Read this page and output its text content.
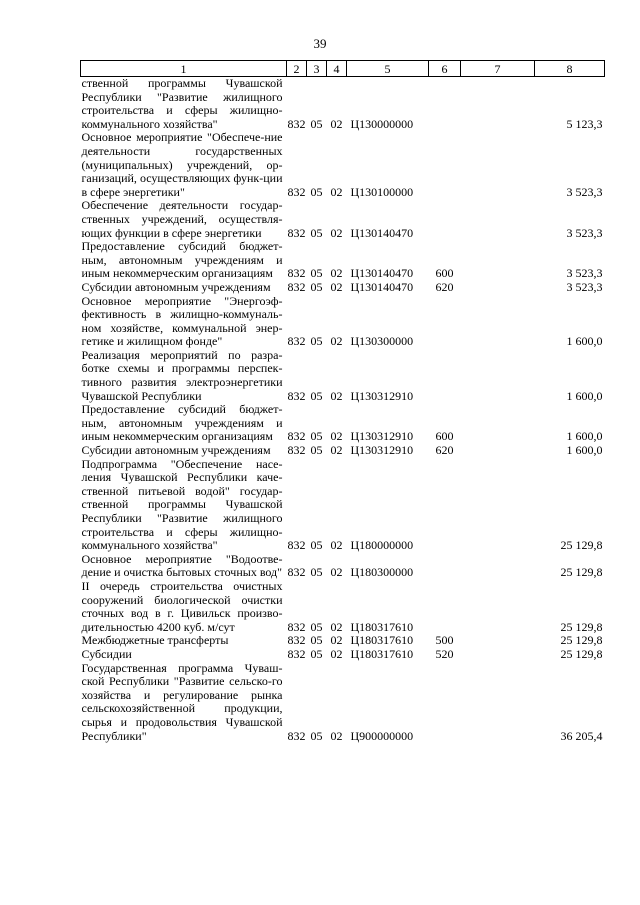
39
1	2	3	4	5	6	7	8
ственной программы Чувашской Республики "Развитие жилищного строительства и сферы жилищно-коммунального хозяйства"	832	05	02	Ц130000000			5 123,3
Основное мероприятие "Обеспече-ние деятельности государственных (муниципальных) учреждений, ор-ганизаций, осуществляющих функ-ции в сфере энергетики"	832	05	02	Ц130100000			3 523,3
Обеспечение деятельности государ-ственных учреждений, осуществля-ющих функции в сфере энергетики	832	05	02	Ц130140470			3 523,3
Предоставление субсидий бюджет-ным, автономным учреждениям и иным некоммерческим организациям	832	05	02	Ц130140470	600		3 523,3
Субсидии автономным учреждениям	832	05	02	Ц130140470	620		3 523,3
Основное мероприятие "Энергоэф-фективность в жилищно-коммуналь-ном хозяйстве, коммунальной энер-гетике и жилищном фонде"	832	05	02	Ц130300000			1 600,0
Реализация мероприятий по разра-ботке схемы и программы перспек-тивного развития электроэнергетики Чувашской Республики	832	05	02	Ц130312910			1 600,0
Предоставление субсидий бюджет-ным, автономным учреждениям и иным некоммерческим организациям	832	05	02	Ц130312910	600		1 600,0
Субсидии автономным учреждениям	832	05	02	Ц130312910	620		1 600,0
Подпрограмма "Обеспечение насе-ления Чувашской Республики каче-ственной питьевой водой" государ-ственной программы Чувашской Республики "Развитие жилищного строительства и сферы жилищно-коммунального хозяйства"	832	05	02	Ц180000000			25 129,8
Основное мероприятие "Водоотве-дение и очистка бытовых сточных вод"	832	05	02	Ц180300000			25 129,8
II очередь строительства очистных сооружений биологической очистки сточных вод в г. Цивильск произво-дительностью 4200 куб. м/сут	832	05	02	Ц180317610			25 129,8
Межбюджетные трансферты	832	05	02	Ц180317610	500		25 129,8
Субсидии	832	05	02	Ц180317610	520		25 129,8
Государственная программа Чуваш-ской Республики "Развитие сельско-го хозяйства и регулирование рынка сельскохозяйственной продукции, сырья и продовольствия Чувашской Республики"	832	05	02	Ц900000000			36 205,4
